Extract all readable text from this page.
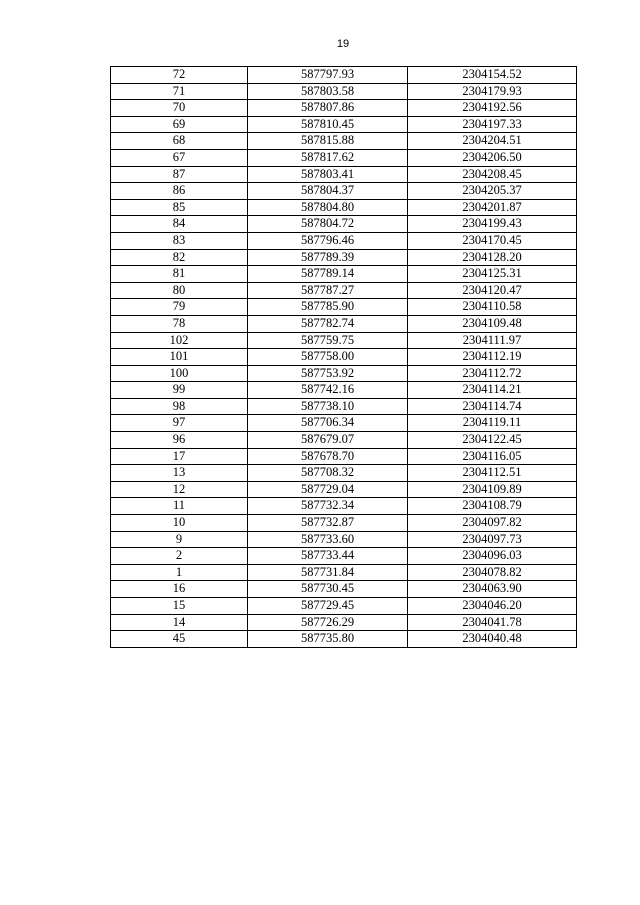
19
72	587797.93	2304154.52
71	587803.58	2304179.93
70	587807.86	2304192.56
69	587810.45	2304197.33
68	587815.88	2304204.51
67	587817.62	2304206.50
87	587803.41	2304208.45
86	587804.37	2304205.37
85	587804.80	2304201.87
84	587804.72	2304199.43
83	587796.46	2304170.45
82	587789.39	2304128.20
81	587789.14	2304125.31
80	587787.27	2304120.47
79	587785.90	2304110.58
78	587782.74	2304109.48
102	587759.75	2304111.97
101	587758.00	2304112.19
100	587753.92	2304112.72
99	587742.16	2304114.21
98	587738.10	2304114.74
97	587706.34	2304119.11
96	587679.07	2304122.45
17	587678.70	2304116.05
13	587708.32	2304112.51
12	587729.04	2304109.89
11	587732.34	2304108.79
10	587732.87	2304097.82
9	587733.60	2304097.73
2	587733.44	2304096.03
1	587731.84	2304078.82
16	587730.45	2304063.90
15	587729.45	2304046.20
14	587726.29	2304041.78
45	587735.80	2304040.48
